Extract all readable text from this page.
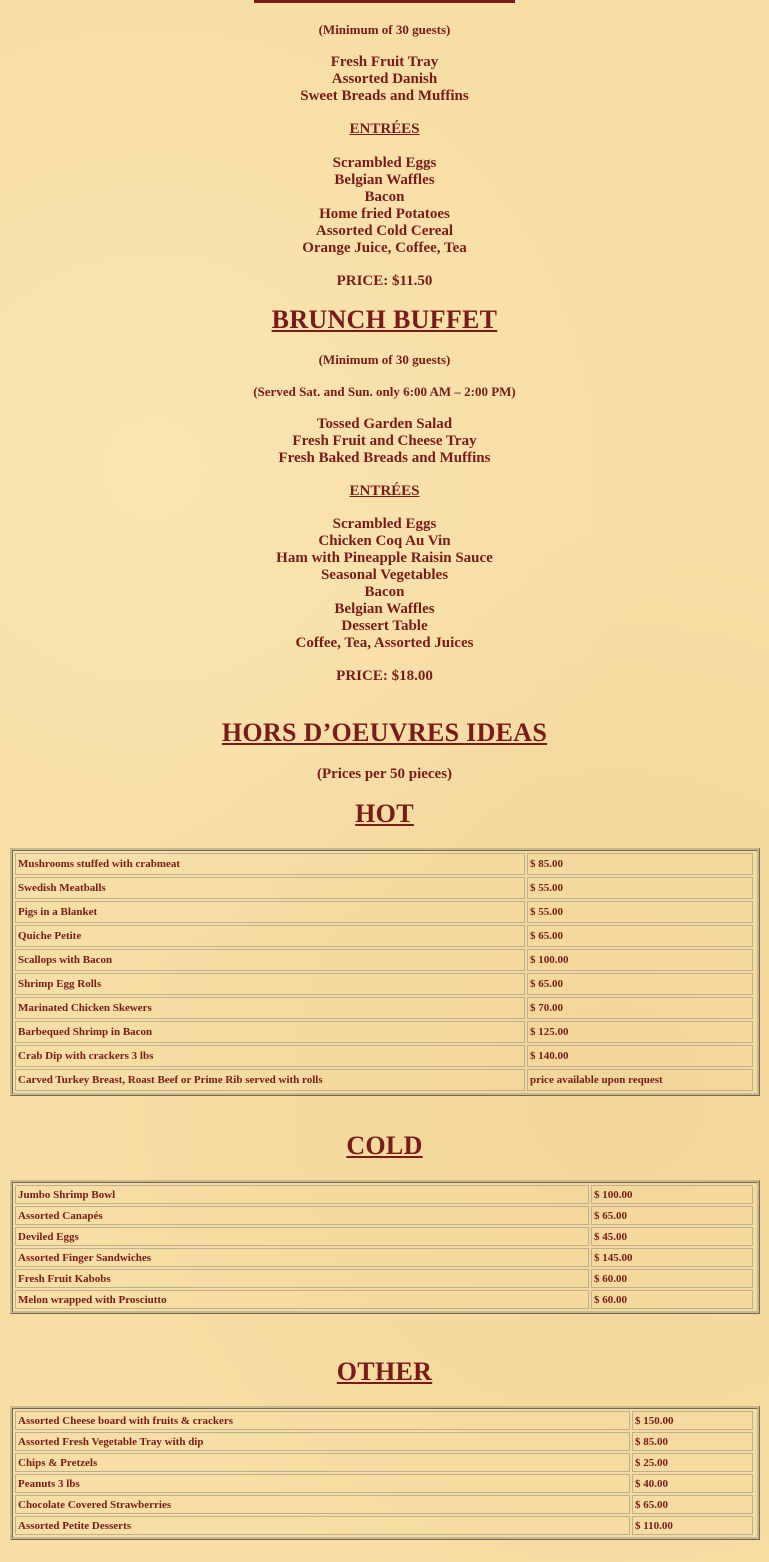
(Minimum of 30 guests)
Fresh Fruit Tray
Assorted Danish
Sweet Breads and Muffins
ENTRÉES
Scrambled Eggs
Belgian Waffles
Bacon
Home fried Potatoes
Assorted Cold Cereal
Orange Juice, Coffee, Tea
PRICE: $11.50
BRUNCH BUFFET
(Minimum of 30 guests)
(Served Sat. and Sun. only 6:00 AM – 2:00 PM)
Tossed Garden Salad
Fresh Fruit and Cheese Tray
Fresh Baked Breads and Muffins
ENTRÉES
Scrambled Eggs
Chicken Coq Au Vin
Ham with Pineapple Raisin Sauce
Seasonal Vegetables
Bacon
Belgian Waffles
Dessert Table
Coffee, Tea, Assorted Juices
PRICE: $18.00
HORS D’OEUVRES IDEAS
(Prices per 50 pieces)
HOT
Mushrooms stuffed with crabmeat	$ 85.00
Swedish Meatballs	$ 55.00
Pigs in a Blanket	$ 55.00
Quiche Petite	$ 65.00
Scallops with Bacon	$ 100.00
Shrimp Egg Rolls	$ 65.00
Marinated Chicken Skewers	$ 70.00
Barbequed Shrimp in Bacon	$ 125.00
Crab Dip with crackers 3 lbs	$ 140.00
Carved Turkey Breast, Roast Beef or Prime Rib served with rolls	price available upon request
COLD
Jumbo Shrimp Bowl	$ 100.00
Assorted Canapés	$ 65.00
Deviled Eggs	$ 45.00
Assorted Finger Sandwiches	$ 145.00
Fresh Fruit Kabobs	$ 60.00
Melon wrapped with Prosciutto	$ 60.00
OTHER
Assorted Cheese board with fruits & crackers	$ 150.00
Assorted Fresh Vegetable Tray with dip	$ 85.00
Chips & Pretzels	$ 25.00
Peanuts 3 lbs	$ 40.00
Chocolate Covered Strawberries	$ 65.00
Assorted Petite Desserts	$ 110.00
